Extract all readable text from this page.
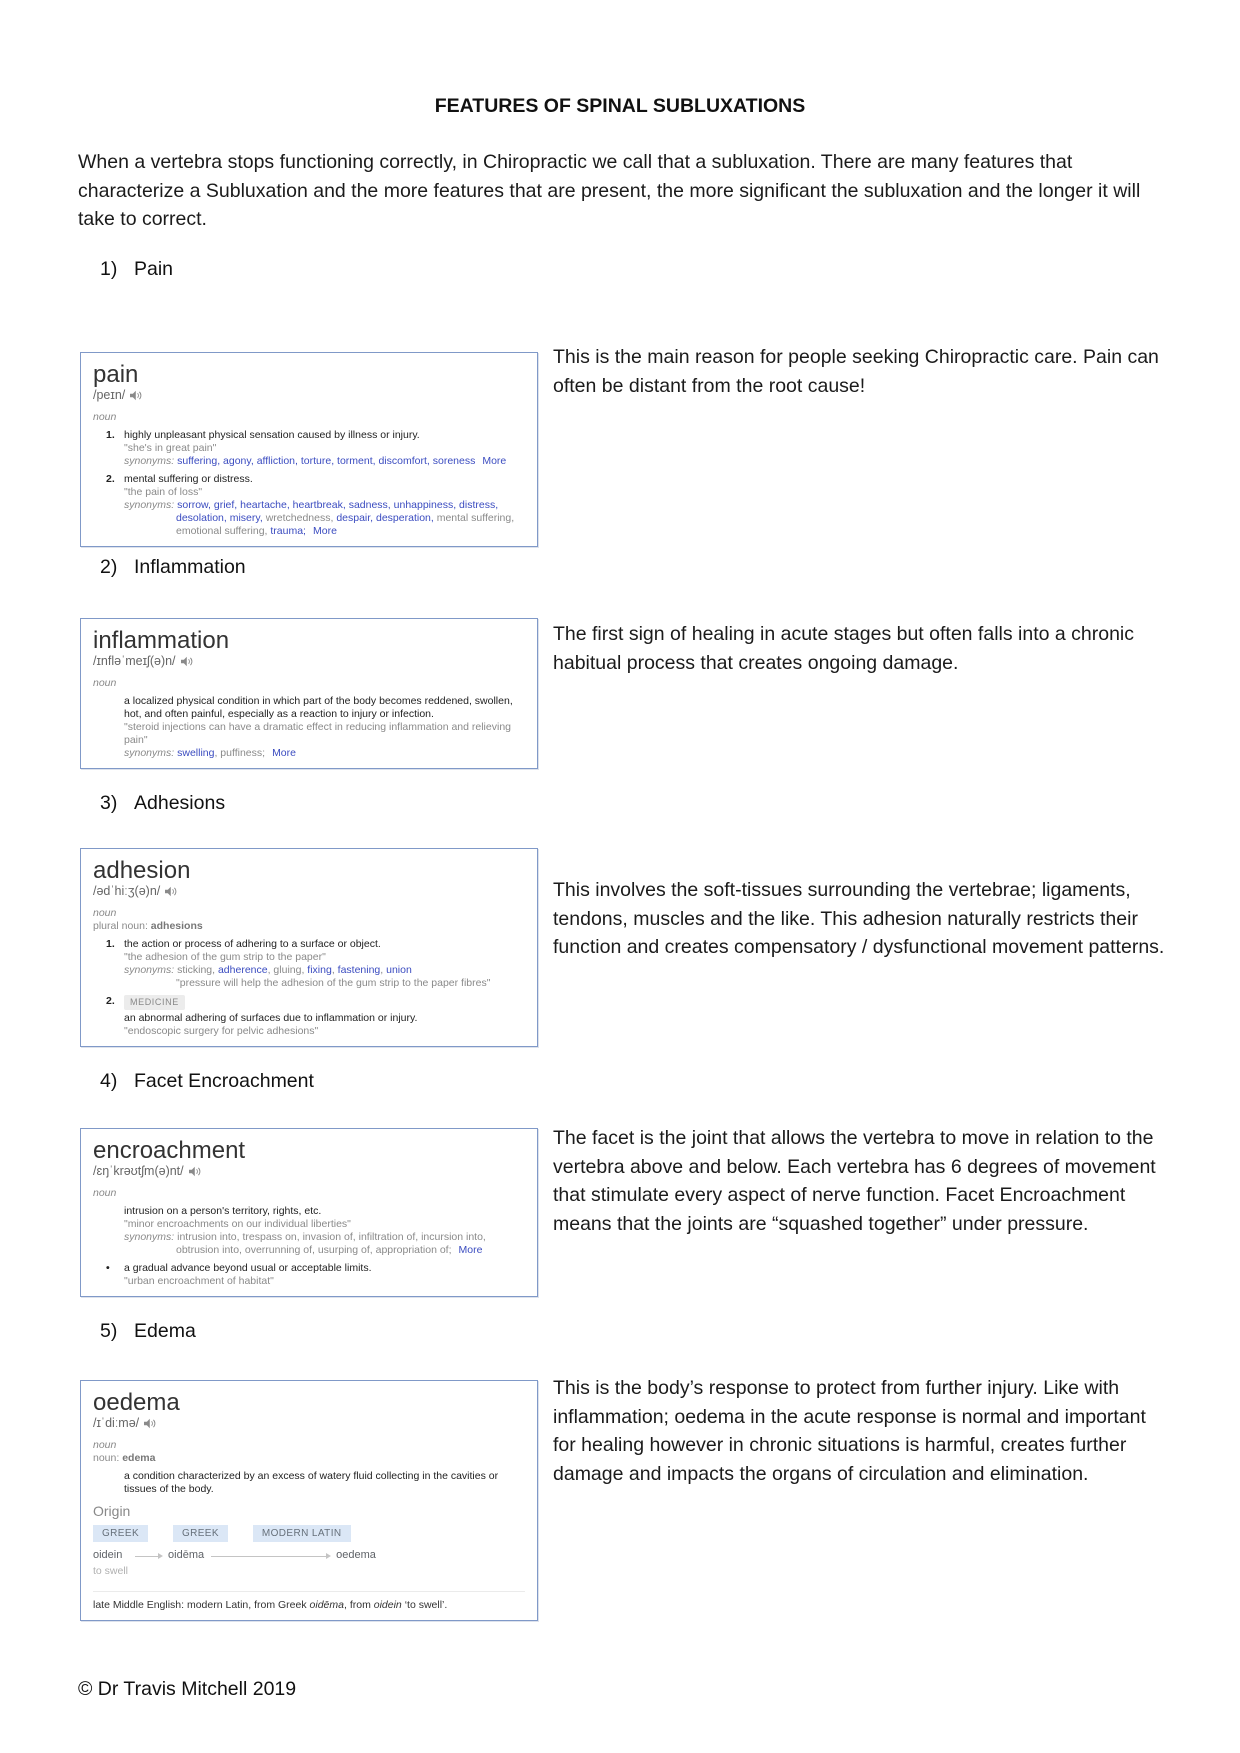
FEATURES OF SPINAL SUBLUXATIONS

When a vertebra stops functioning correctly, in Chiropractic we call that a subluxation. There are many features that characterize a Subluxation and the more features that are present, the more significant the subluxation and the longer it will take to correct.

1) Pain
pain
/peɪn/
noun
1. highly unpleasant physical sensation caused by illness or injury.
"she's in great pain"
synonyms: suffering, agony, affliction, torture, torment, discomfort, soreness More
2. mental suffering or distress.
"the pain of loss"
synonyms: sorrow, grief, heartache, heartbreak, sadness, unhappiness, distress, desolation, misery, wretchedness, despair, desperation, mental suffering, emotional suffering, trauma; More

This is the main reason for people seeking Chiropractic care. Pain can often be distant from the root cause!

2) Inflammation
inflammation
/ɪnfləˈmeɪʃ(ə)n/
noun
a localized physical condition in which part of the body becomes reddened, swollen, hot, and often painful, especially as a reaction to injury or infection.
"steroid injections can have a dramatic effect in reducing inflammation and relieving pain"
synonyms: swelling, puffiness; More

The first sign of healing in acute stages but often falls into a chronic habitual process that creates ongoing damage.

3) Adhesions
adhesion
/ədˈhiːʒ(ə)n/
noun
plural noun: adhesions
1. the action or process of adhering to a surface or object.
"the adhesion of the gum strip to the paper"
synonyms: sticking, adherence, gluing, fixing, fastening, union
"pressure will help the adhesion of the gum strip to the paper fibres"
2.	MEDICINE
an abnormal adhering of surfaces due to inflammation or injury.
"endoscopic surgery for pelvic adhesions"

This involves the soft-tissues surrounding the vertebrae; ligaments, tendons, muscles and the like. This adhesion naturally restricts their function and creates compensatory / dysfunctional movement patterns.

4) Facet Encroachment
encroachment
/ɛŋˈkrəʊtʃm(ə)nt/
noun
intrusion on a person's territory, rights, etc.
"minor encroachments on our individual liberties"
synonyms: intrusion into, trespass on, invasion of, infiltration of, incursion into, obtrusion into, overrunning of, usurping of, appropriation of; More
•	a gradual advance beyond usual or acceptable limits.
"urban encroachment of habitat"

The facet is the joint that allows the vertebra to move in relation to the vertebra above and below. Each vertebra has 6 degrees of movement that stimulate every aspect of nerve function. Facet Encroachment means that the joints are “squashed together” under pressure.

5) Edema
oedema
/ɪˈdiːmə/
noun
noun: edema
a condition characterized by an excess of watery fluid collecting in the cavities or tissues of the body.
Origin
GREEK	GREEK	MODERN LATIN
oidein
to swell
oidēma	oedema
late Middle English: modern Latin, from Greek oidēma, from oidein ‘to swell’.

This is the body’s response to protect from further injury. Like with inflammation; oedema in the acute response is normal and important for healing however in chronic situations is harmful, creates further damage and impacts the organs of circulation and elimination.

© Dr Travis Mitchell 2019
